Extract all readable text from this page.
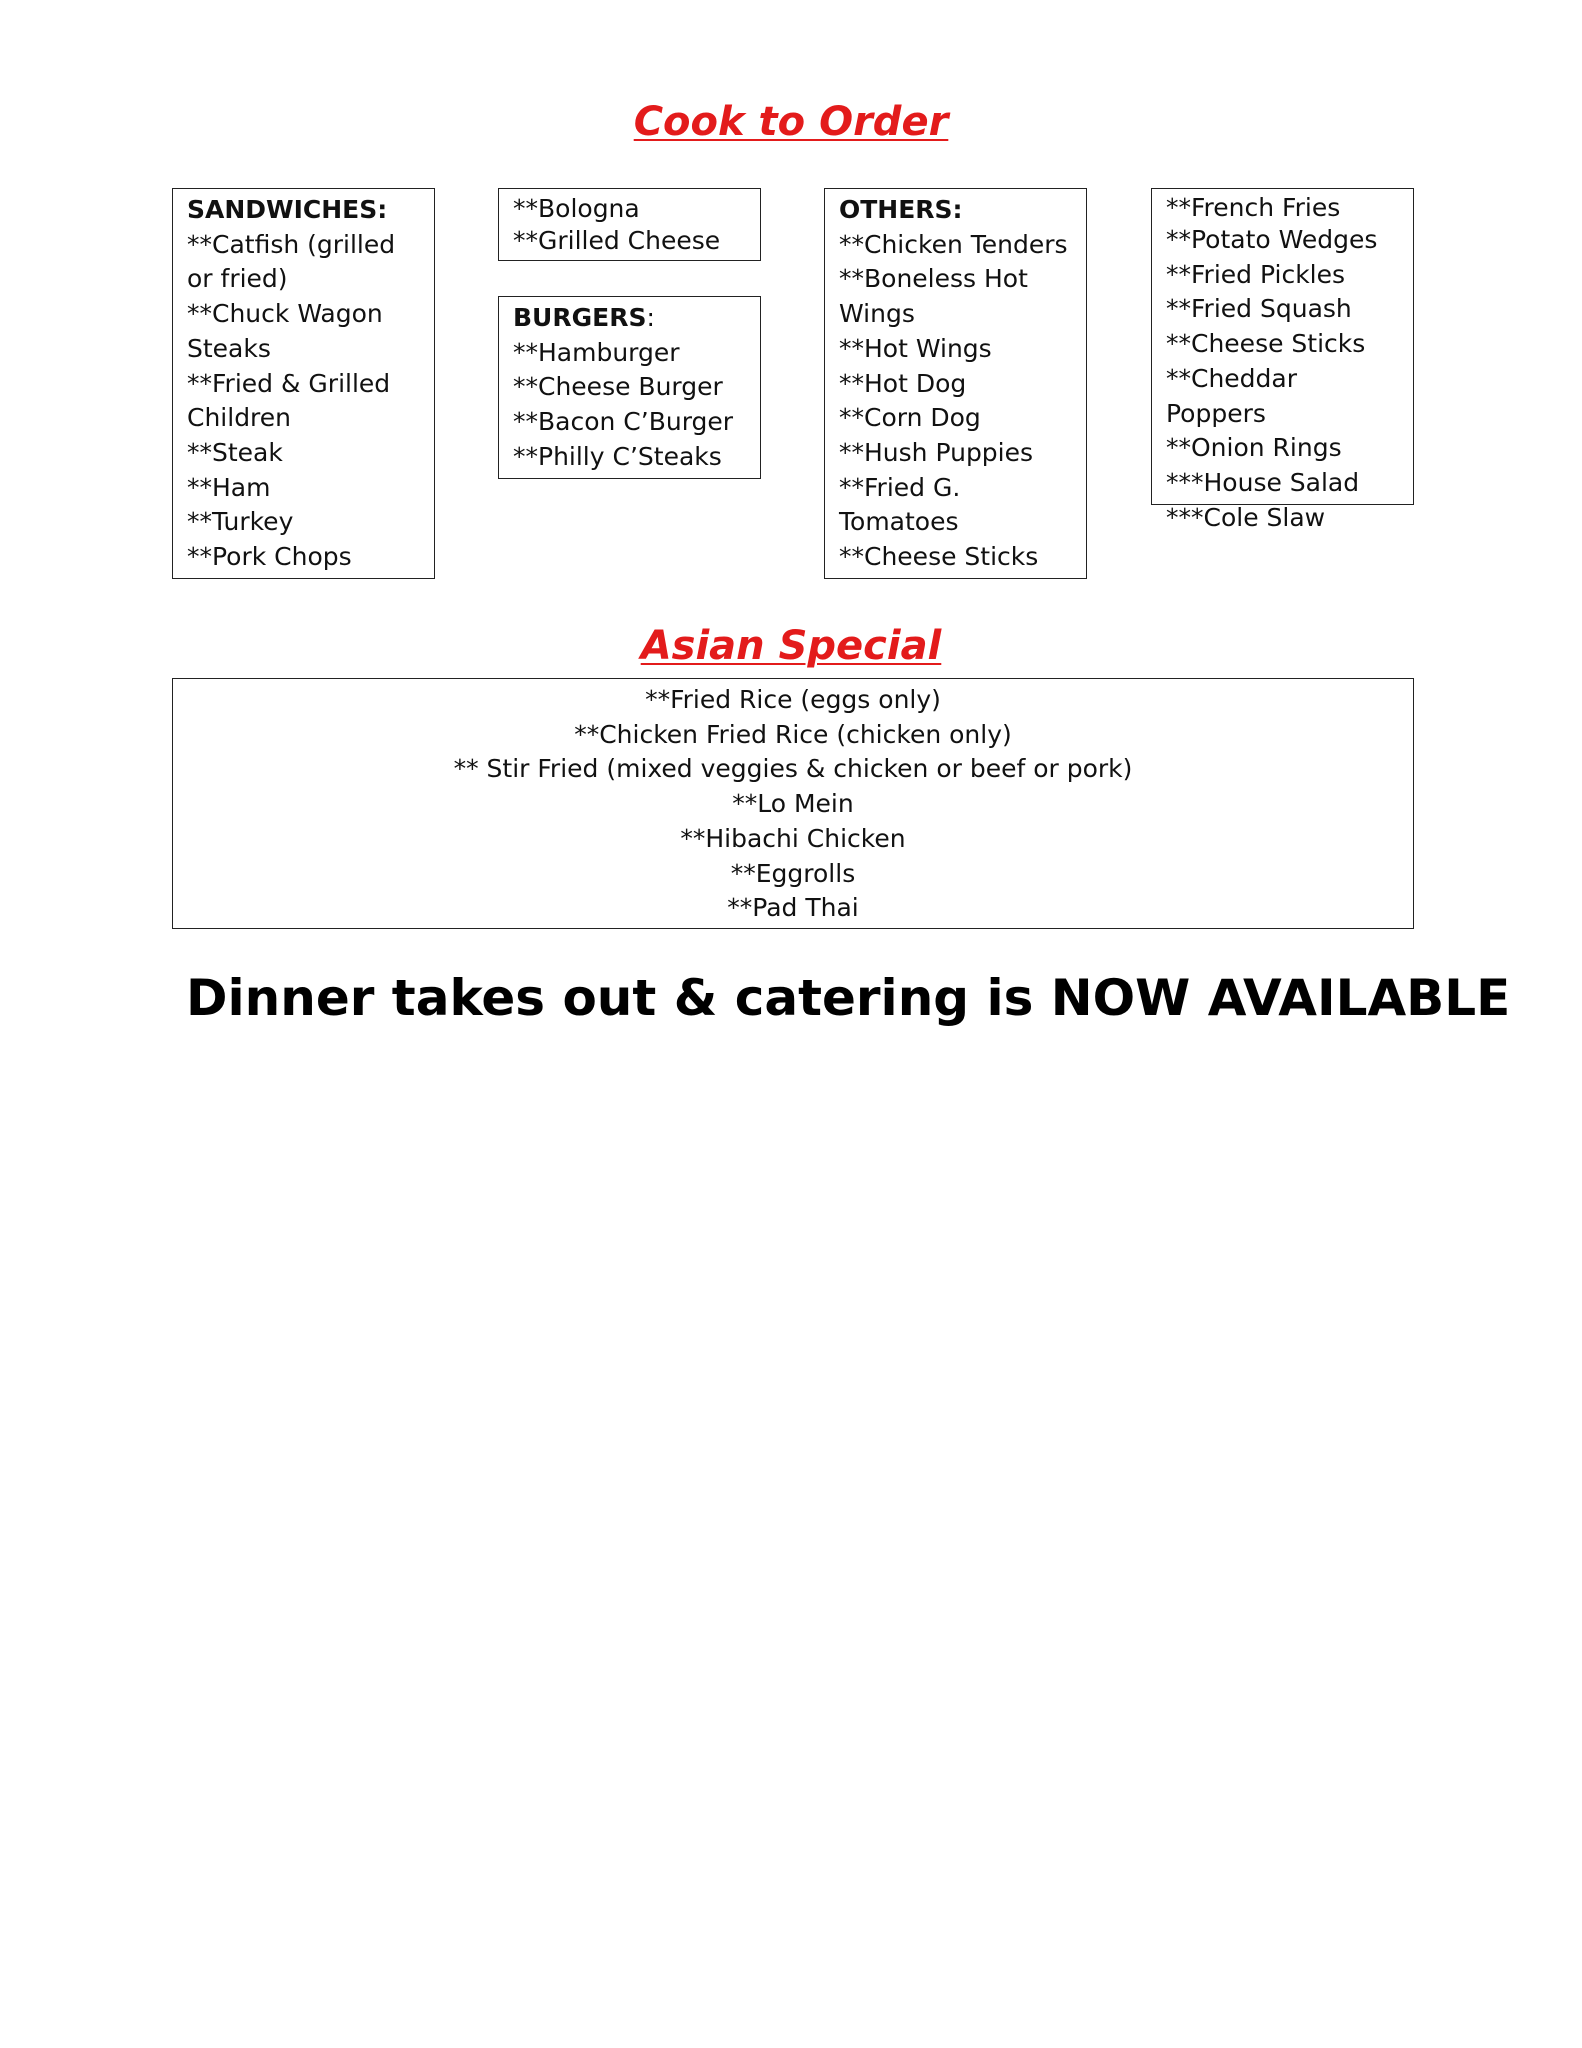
Cook to Order
SANDWICHES:
**Catfish (grilled or fried)
**Chuck Wagon Steaks
**Fried & Grilled Children
**Steak
**Ham
**Turkey
**Pork Chops
**Bologna
**Grilled Cheese
BURGERS:
**Hamburger
**Cheese Burger
**Bacon C’Burger
**Philly C’Steaks
OTHERS:
**Chicken Tenders
**Boneless Hot Wings
**Hot Wings
**Hot Dog
**Corn Dog
**Hush Puppies
**Fried G. Tomatoes
**Cheese Sticks
**French Fries
**Potato Wedges
**Fried Pickles
**Fried Squash
**Cheese Sticks
**Cheddar Poppers
**Onion Rings
***House Salad
***Cole Slaw
Asian Special
**Fried Rice (eggs only)
**Chicken Fried Rice (chicken only)
** Stir Fried (mixed veggies & chicken or beef or pork)
**Lo Mein
**Hibachi Chicken
**Eggrolls
**Pad Thai

Dinner takes out & catering is NOW AVAILABLE
